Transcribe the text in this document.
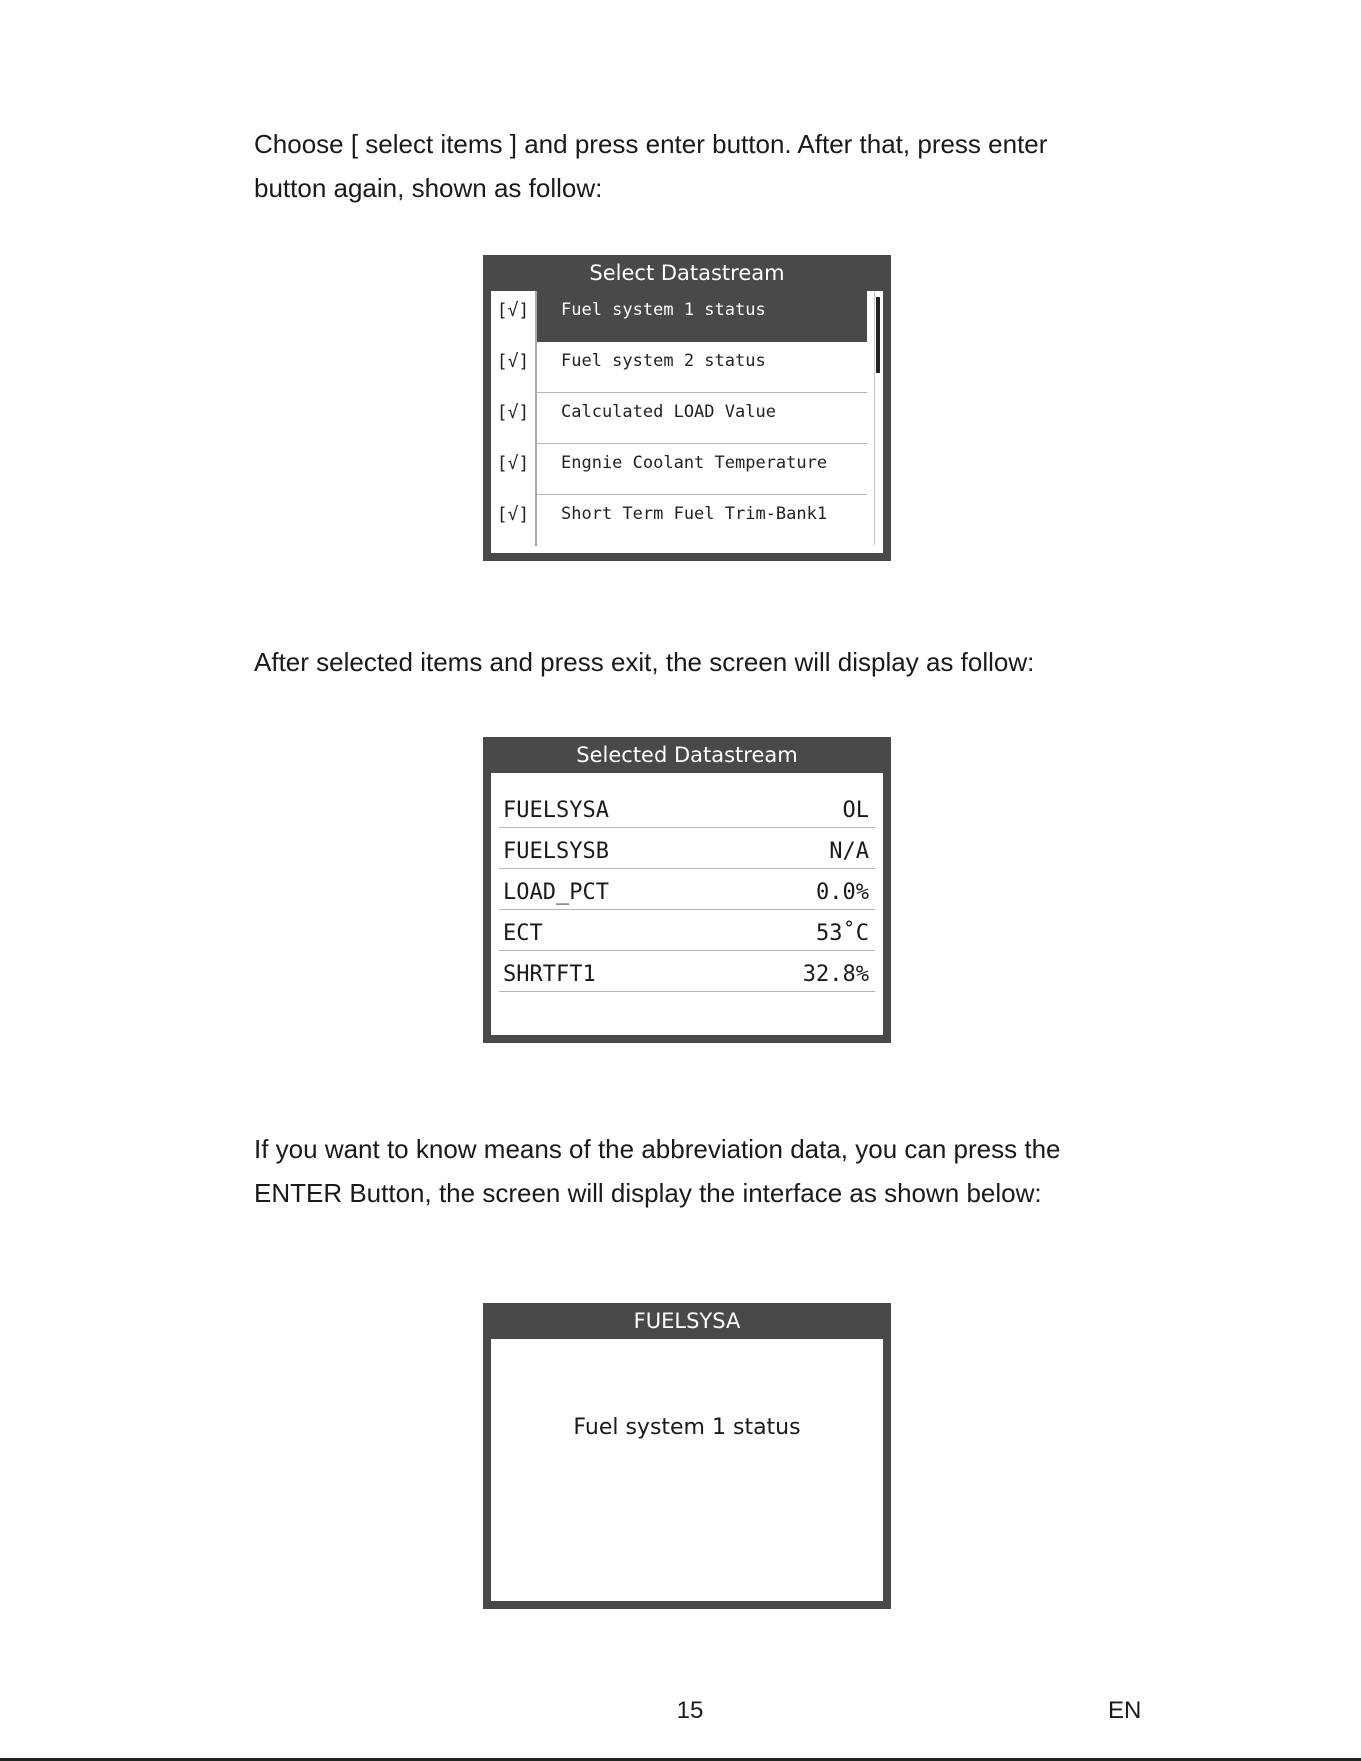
Choose [ select items ] and press enter button. After that, press enter
button again, shown as follow:

Select Datastream
[√]	Fuel system 1 status
[√]	Fuel system 2 status
[√]	Calculated LOAD Value
[√]	Engnie Coolant Temperature
[√]	Short Term Fuel Trim-Bank1

After selected items and press exit, the screen will display as follow:

Selected Datastream
FUELSYSA	OL
FUELSYSB	N/A
LOAD_PCT	0.0%
ECT	53˚C
SHRTFT1	32.8%

If you want to know means of the abbreviation data, you can press the
ENTER Button, the screen will display the interface as shown below:

FUELSYSA
Fuel system 1 status
15	EN
